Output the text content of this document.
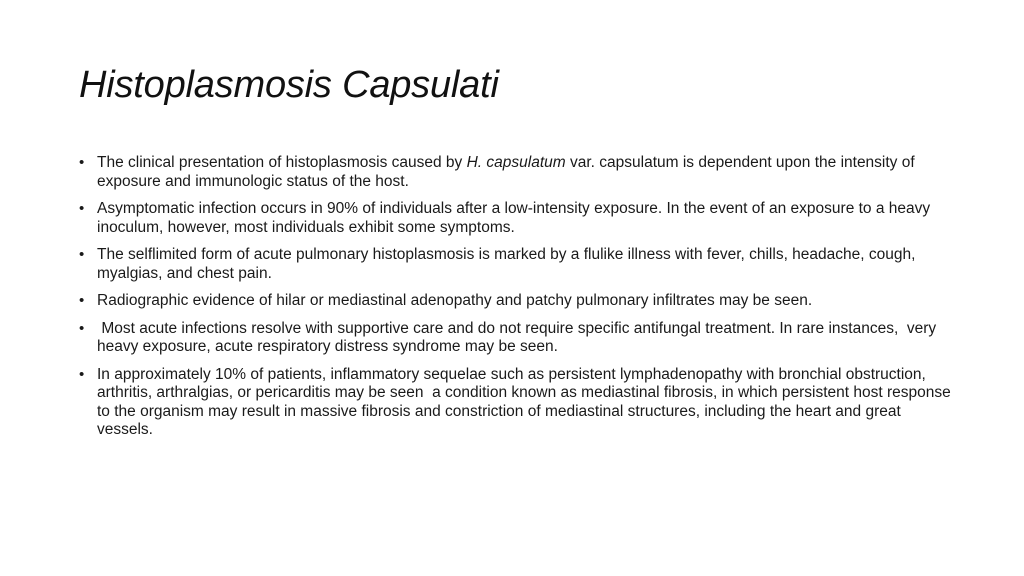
Histoplasmosis Capsulati
• The clinical presentation of histoplasmosis caused by H. capsulatum var. capsulatum is dependent upon the intensity of exposure and immunologic status of the host.
• Asymptomatic infection occurs in 90% of individuals after a low-intensity exposure. In the event of an exposure to a heavy inoculum, however, most individuals exhibit some symptoms.
• The selflimited form of acute pulmonary histoplasmosis is marked by a flulike illness with fever, chills, headache, cough, myalgias, and chest pain.
• Radiographic evidence of hilar or mediastinal adenopathy and patchy pulmonary infiltrates may be seen.
• Most acute infections resolve with supportive care and do not require specific antifungal treatment. In rare instances,  very heavy exposure, acute respiratory distress syndrome may be seen.
• In approximately 10% of patients, inflammatory sequelae such as persistent lymphadenopathy with bronchial obstruction, arthritis, arthralgias, or pericarditis may be seen  a condition known as mediastinal fibrosis, in which persistent host response to the organism may result in massive fibrosis and constriction of mediastinal structures, including the heart and great vessels.
